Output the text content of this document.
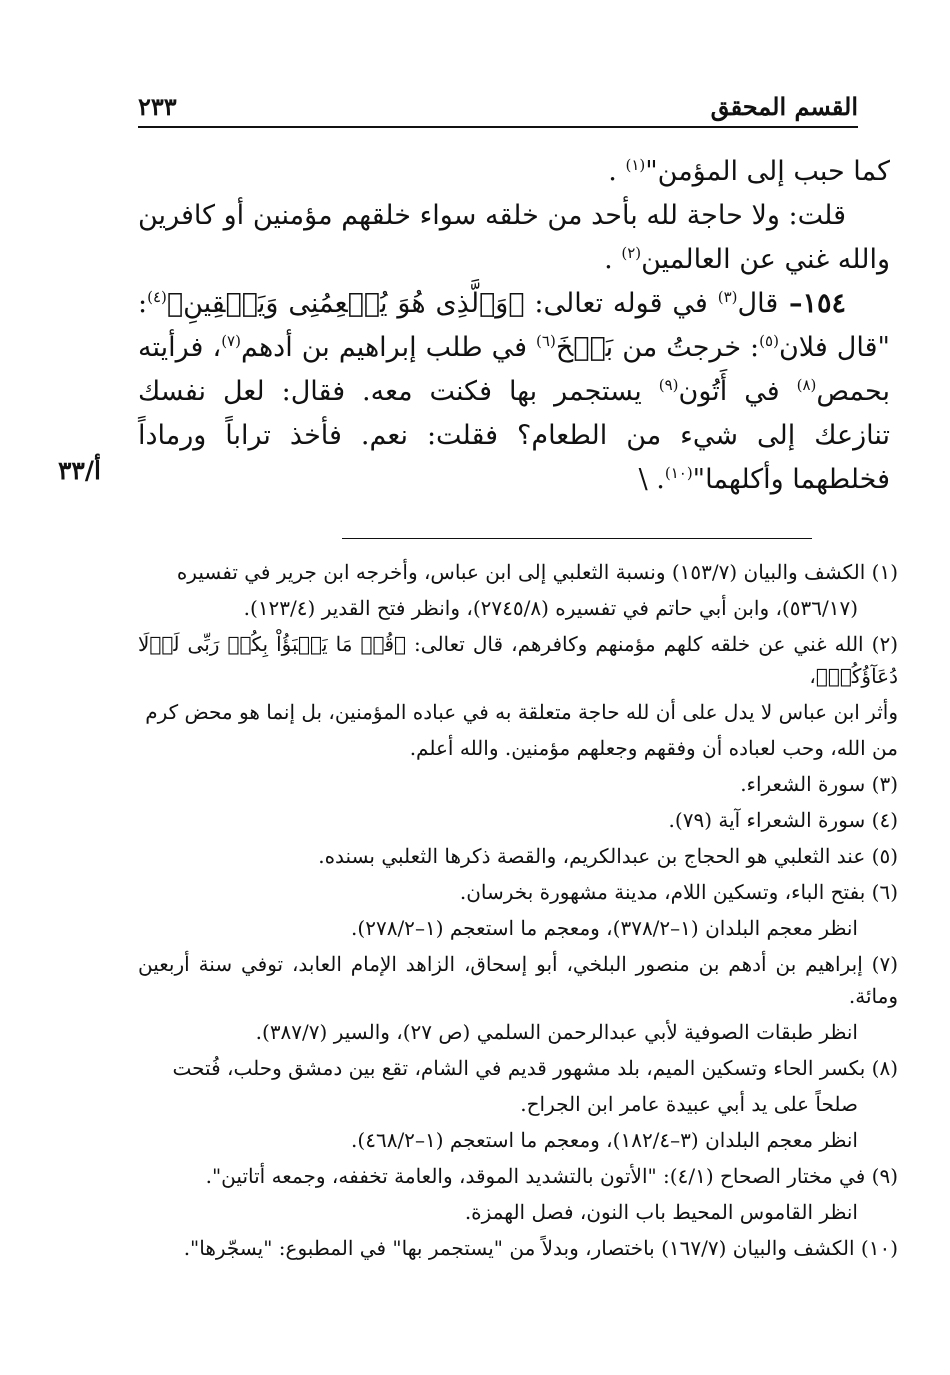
القسم المحقق
٢٣٣

كما حبب إلى المؤمن"$^{(١)}$ .

قلت: ولا حاجة لله بأحد من خلقه سواء خلقهم مؤمنين أو كافرين والله غني عن العالمين$^{(٢)}$ .

١٥٤– قال$^{(٣)}$ في قوله تعالى: ﴿وَٱلَّذِى هُوَ يُطۡعِمُنِى وَيَسۡقِينِ﴾$^{(٤)}$: "قال فلان$^{(٥)}$: خرجتُ من بَلۡخَ$^{(٦)}$ في طلب إبراهيم بن أدهم$^{(٧)}$، فرأيته بحمص$^{(٨)}$ في أَتُون$^{(٩)}$ يستجمر بها فكنت معه. فقال: لعل نفسك تنازعك إلى شيء من الطعام؟ فقلت: نعم. فأخذ تراباً ورماداً فخلطهما وأكلهما"$^{(١٠)}$. \

أ/٣٣

(١) الكشف والبيان (١٥٣/٧) ونسبة الثعلبي إلى ابن عباس، وأخرجه ابن جرير في تفسيره

(٥٣٦/١٧)، وابن أبي حاتم في تفسيره (٢٧٤٥/٨)، وانظر فتح القدير (١٢٣/٤).

(٢) الله غني عن خلقه كلهم مؤمنهم وكافرهم، قال تعالى: ﴿قُلۡ مَا يَعۡبَؤُاْ بِكُمۡ رَبِّى لَوۡلَا دُعَآؤُكُمۡ﴾،

وأثر ابن عباس لا يدل على أن لله حاجة متعلقة به في عباده المؤمنين، بل إنما هو محض كرم

من الله، وحب لعباده أن وفقهم وجعلهم مؤمنين. والله أعلم.

(٣) سورة الشعراء.

(٤) سورة الشعراء آية (٧٩).

(٥) عند الثعلبي هو الحجاج بن عبدالكريم، والقصة ذكرها الثعلبي بسنده.

(٦) بفتح الباء، وتسكين اللام، مدينة مشهورة بخرسان.

انظر معجم البلدان (١–٣٧٨/٢)، ومعجم ما استعجم (١–٢٧٨/٢).

(٧) إبراهيم بن أدهم بن منصور البلخي، أبو إسحاق، الزاهد الإمام العابد، توفي سنة أربعين ومائة.

انظر طبقات الصوفية لأبي عبدالرحمن السلمي (ص ٢٧)، والسير (٣٨٧/٧).

(٨) بكسر الحاء وتسكين الميم، بلد مشهور قديم في الشام، تقع بين دمشق وحلب، فُتحت

صلحاً على يد أبي عبيدة عامر ابن الجراح.

انظر معجم البلدان (٣–١٨٢/٤)، ومعجم ما استعجم (١–٤٦٨/٢).

(٩) في مختار الصحاح (٤/١): "الأتون بالتشديد الموقد، والعامة تخففه، وجمعه أتاتين".

انظر القاموس المحيط باب النون، فصل الهمزة.

(١٠) الكشف والبيان (١٦٧/٧) باختصار، وبدلاً من "يستجمر بها" في المطبوع: "يسجّرها".
